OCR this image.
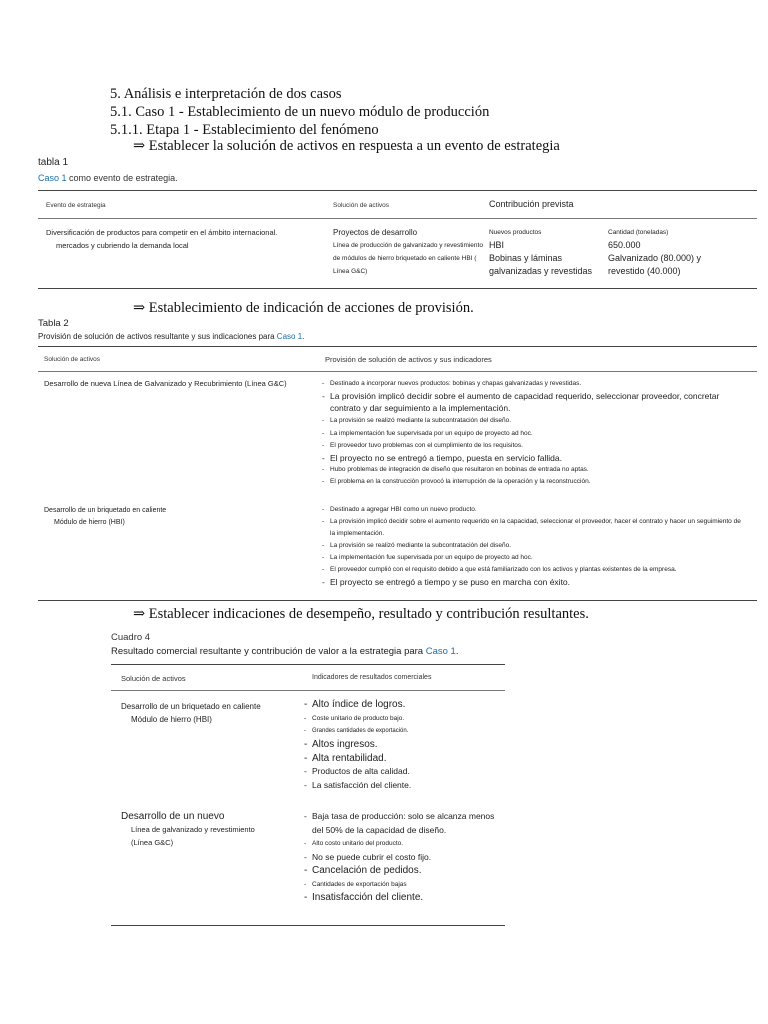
5. Análisis e interpretación de dos casos
5.1. Caso 1 - Establecimiento de un nuevo módulo de producción
5.1.1. Etapa 1 - Establecimiento del fenómeno
⇒ Establecer la solución de activos en respuesta a un evento de estrategia
tabla 1
Caso 1 como evento de estrategia.
Evento de estrategia	Solución de activos	Contribución prevista
Diversificación de productos para competir en el ámbito internacional.
mercados y cubriendo la demanda local
Proyectos de desarrollo
Línea de producción de galvanizado y revestimiento de módulos de hierro briquetado en caliente HBI ( Línea G&C)
Nuevos productos
HBI
Bobinas y láminas galvanizadas y revestidas
Cantidad (toneladas)
650.000
Galvanizado (80.000) y revestido (40.000)
⇒ Establecimiento de indicación de acciones de provisión.
Tabla 2
Provisión de solución de activos resultante y sus indicaciones para Caso 1.
Solución de activos	Provisión de solución de activos y sus indicadores
Desarrollo de nueva Línea de Galvanizado y Recubrimiento (Línea G&C)
-	Destinado a incorporar nuevos productos: bobinas y chapas galvanizadas y revestidas.
- La provisión implicó decidir sobre el aumento de capacidad requerido, seleccionar proveedor, concretar contrato y dar seguimiento a la implementación.
- La provisión se realizó mediante la subcontratación del diseño.
- La implementación fue supervisada por un equipo de proyecto ad hoc.
- El proveedor tuvo problemas con el cumplimiento de los requisitos.
- El proyecto no se entregó a tiempo, puesta en servicio fallida.
- Hubo problemas de integración de diseño que resultaron en bobinas de entrada no aptas.
- El problema en la construcción provocó la interrupción de la operación y la reconstrucción.
Desarrollo de un briquetado en caliente
Módulo de hierro (HBI)
- Destinado a agregar HBI como un nuevo producto.
- La provisión implicó decidir sobre el aumento requerido en la capacidad, seleccionar el proveedor, hacer el contrato y hacer un seguimiento de la implementación.
- La provisión se realizó mediante la subcontratación del diseño.
- La implementación fue supervisada por un equipo de proyecto ad hoc.
- El proveedor cumplió con el requisito debido a que está familiarizado con los activos y plantas existentes de la empresa.
- El proyecto se entregó a tiempo y se puso en marcha con éxito.
⇒ Establecer indicaciones de desempeño, resultado y contribución resultantes.
Cuadro 4
Resultado comercial resultante y contribución de valor a la estrategia para Caso 1.
Solución de activos	Indicadores de resultados comerciales
Desarrollo de un briquetado en caliente
Módulo de hierro (HBI)
- Alto índice de logros.
- Coste unitario de producto bajo.
- Grandes cantidades de exportación.
- Altos ingresos.
- Alta rentabilidad.
- Productos de alta calidad.
- La satisfacción del cliente.
Desarrollo de un nuevo
Línea de galvanizado y revestimiento
(Línea G&C)
- Baja tasa de producción: solo se alcanza menos del 50% de la capacidad de diseño.
- Alto costo unitario del producto.
- No se puede cubrir el costo fijo.
- Cancelación de pedidos.
- Cantidades de exportación bajas
- Insatisfacción del cliente.
